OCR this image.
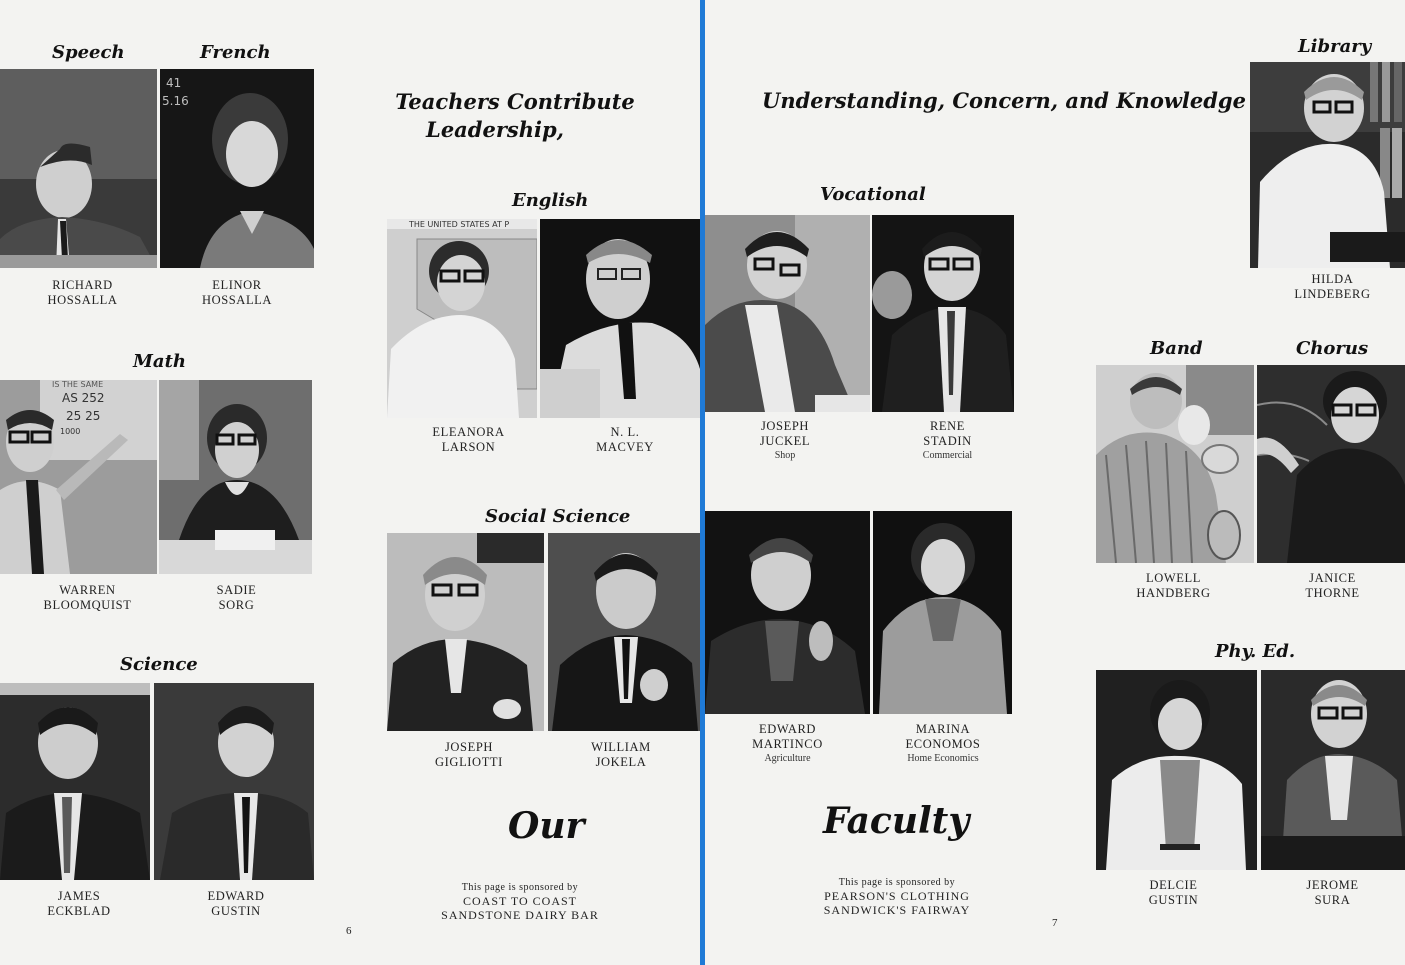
Speech	French
RICHARD
HOSSALLA
41
5.16
ELINOR
HOSSALLA
Math
IS THE SAME
AS 252
25 25
1000
WARREN
BLOOMQUIST
SADIE
SORG
Science
JAMES
ECKBLAD
EDWARD
GUSTIN
Teachers Contribute
Leadership,
English
THE UNITED STATES AT P
ELEANORA
LARSON
N. L.
MACVEY
Social Science
JOSEPH
GIGLIOTTI
WILLIAM
JOKELA
Our
This page is sponsored by
COAST TO COAST
SANDSTONE DAIRY BAR
6
Understanding, Concern, and Knowledge
Library
HILDA
LINDEBERG
Vocational
JOSEPH
JUCKEL
Shop
RENE
STADIN
Commercial
EDWARD
MARTINCO
Agriculture
MARINA
ECONOMOS
Home Economics
Band	Chorus
LOWELL
HANDBERG
JANICE
THORNE
Phy. Ed.
DELCIE
GUSTIN
JEROME
SURA
Faculty
This page is sponsored by
PEARSON'S CLOTHING
SANDWICK'S FAIRWAY
7
